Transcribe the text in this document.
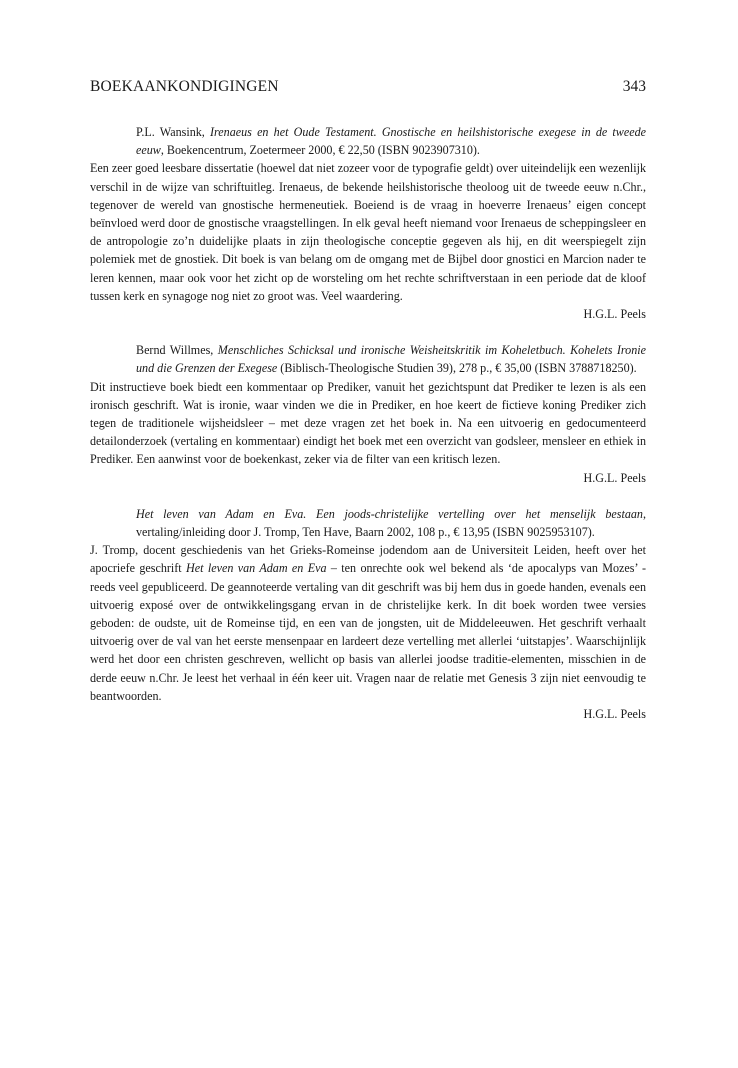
BOEKAANKONDIGINGEN	343

P.L. Wansink, Irenaeus en het Oude Testament. Gnostische en heilshistorische exegese in de tweede eeuw, Boekencentrum, Zoetermeer 2000, € 22,50 (ISBN 9023907310).

Een zeer goed leesbare dissertatie (hoewel dat niet zozeer voor de typografie geldt) over uiteindelijk een wezenlijk verschil in de wijze van schriftuitleg. Irenaeus, de bekende heilshistorische theoloog uit de tweede eeuw n.Chr., tegenover de wereld van gnostische hermeneutiek. Boeiend is de vraag in hoeverre Irenaeus’ eigen concept beïnvloed werd door de gnostische vraagstellingen. In elk geval heeft niemand voor Irenaeus de scheppingsleer en de antropologie zo’n duidelijke plaats in zijn theologische conceptie gegeven als hij, en dit weerspiegelt zijn polemiek met de gnostiek. Dit boek is van belang om de omgang met de Bijbel door gnostici en Marcion nader te leren kennen, maar ook voor het zicht op de worsteling om het rechte schriftverstaan in een periode dat de kloof tussen kerk en synagoge nog niet zo groot was. Veel waardering.

H.G.L. Peels

Bernd Willmes, Menschliches Schicksal und ironische Weisheitskritik im Koheletbuch. Kohelets Ironie und die Grenzen der Exegese (Biblisch-Theologische Studien 39), 278 p., € 35,00 (ISBN 3788718250).

Dit instructieve boek biedt een kommentaar op Prediker, vanuit het gezichtspunt dat Prediker te lezen is als een ironisch geschrift. Wat is ironie, waar vinden we die in Prediker, en hoe keert de fictieve koning Prediker zich tegen de traditionele wijsheidsleer – met deze vragen zet het boek in. Na een uitvoerig en gedocumenteerd detailonderzoek (vertaling en kommentaar) eindigt het boek met een overzicht van godsleer, mensleer en ethiek in Prediker. Een aanwinst voor de boekenkast, zeker via de filter van een kritisch lezen.

H.G.L. Peels

Het leven van Adam en Eva. Een joods-christelijke vertelling over het menselijk bestaan, vertaling/inleiding door J. Tromp, Ten Have, Baarn 2002, 108 p., € 13,95 (ISBN 9025953107).

J. Tromp, docent geschiedenis van het Grieks-Romeinse jodendom aan de Universiteit Leiden, heeft over het apocriefe geschrift Het leven van Adam en Eva – ten onrechte ook wel bekend als ‘de apocalyps van Mozes’ - reeds veel gepubliceerd. De geannoteerde vertaling van dit geschrift was bij hem dus in goede handen, evenals een uitvoerig exposé over de ontwikkelingsgang ervan in de christelijke kerk. In dit boek worden twee versies geboden: de oudste, uit de Romeinse tijd, en een van de jongsten, uit de Middeleeuwen. Het geschrift verhaalt uitvoerig over de val van het eerste mensenpaar en lardeert deze vertelling met allerlei ‘uitstapjes’. Waarschijnlijk werd het door een christen geschreven, wellicht op basis van allerlei joodse traditie-elementen, misschien in de derde eeuw n.Chr. Je leest het verhaal in één keer uit. Vragen naar de relatie met Genesis 3 zijn niet eenvoudig te beantwoorden.

H.G.L. Peels
